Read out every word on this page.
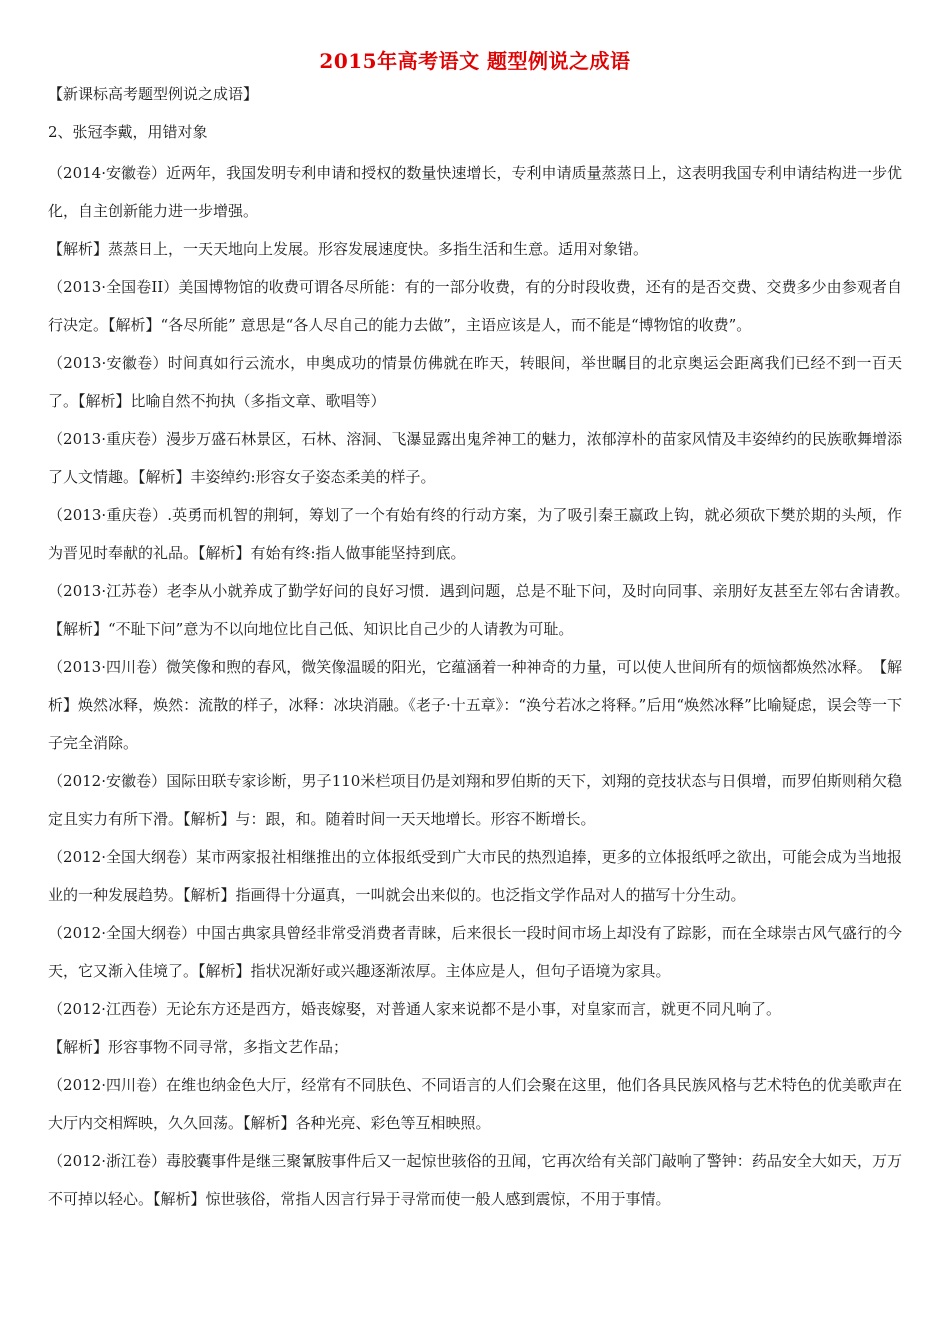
2015年高考语文 题型例说之成语
【新课标高考题型例说之成语】
2、张冠李戴，用错对象

（2014·安徽卷）近两年，我国发明专利申请和授权的数量快速增长，专利申请质量蒸蒸日上，这表明我国专利申请结构进一步优化，自主创新能力进一步增强。

【解析】蒸蒸日上，一天天地向上发展。形容发展速度快。多指生活和生意。适用对象错。

（2013·全国卷II）美国博物馆的收费可谓各尽所能：有的一部分收费，有的分时段收费，还有的是否交费、交费多少由参观者自行决定。【解析】“各尽所能” 意思是“各人尽自己的能力去做”，主语应该是人，而不能是“博物馆的收费”。

（2013·安徽卷）时间真如行云流水，申奥成功的情景仿佛就在昨天，转眼间，举世瞩目的北京奥运会距离我们已经不到一百天了。【解析】比喻自然不拘执（多指文章、歌唱等）

（2013·重庆卷）漫步万盛石林景区，石林、溶洞、飞瀑显露出鬼斧神工的魅力，浓郁淳朴的苗家风情及丰姿绰约的民族歌舞增添了人文情趣。【解析】丰姿绰约:形容女子姿态柔美的样子。

（2013·重庆卷）.英勇而机智的荆轲，筹划了一个有始有终的行动方案，为了吸引秦王嬴政上钩，就必须砍下樊於期的头颅，作为晋见时奉献的礼品。【解析】有始有终:指人做事能坚持到底。

（2013·江苏卷）老李从小就养成了勤学好问的良好习惯．遇到问题，总是不耻下问，及时向同事、亲朋好友甚至左邻右舍请教。　【解析】“不耻下问”意为不以向地位比自己低、知识比自己少的人请教为可耻。

（2013·四川卷）微笑像和煦的春风，微笑像温暖的阳光，它蕴涵着一种神奇的力量，可以使人世间所有的烦恼都焕然冰释。　【解析】焕然冰释，焕然：流散的样子，冰释：冰块消融。《老子·十五章》：“涣兮若冰之将释。”后用“焕然冰释”比喻疑虑，误会等一下子完全消除。

（2012·安徽卷）国际田联专家诊断，男子110米栏项目仍是刘翔和罗伯斯的天下，刘翔的竞技状态与日俱增，而罗伯斯则稍欠稳定且实力有所下滑。【解析】与：跟，和。随着时间一天天地增长。形容不断增长。

（2012·全国大纲卷）某市两家报社相继推出的立体报纸受到广大市民的热烈追捧，更多的立体报纸呼之欲出，可能会成为当地报业的一种发展趋势。【解析】指画得十分逼真，一叫就会出来似的。也泛指文学作品对人的描写十分生动。

（2012·全国大纲卷）中国古典家具曾经非常受消费者青睐，后来很长一段时间市场上却没有了踪影，而在全球崇古风气盛行的今天，它又渐入佳境了。【解析】指状况渐好或兴趣逐渐浓厚。主体应是人，但句子语境为家具。

（2012·江西卷）无论东方还是西方，婚丧嫁娶，对普通人家来说都不是小事，对皇家而言，就更不同凡响了。

【解析】形容事物不同寻常，多指文艺作品；

（2012·四川卷）在维也纳金色大厅，经常有不同肤色、不同语言的人们会聚在这里，他们各具民族风格与艺术特色的优美歌声在大厅内交相辉映，久久回荡。【解析】各种光亮、彩色等互相映照。

（2012·浙江卷）毒胶囊事件是继三聚氰胺事件后又一起惊世骇俗的丑闻，它再次给有关部门敲响了警钟：药品安全大如天，万万不可掉以轻心。【解析】惊世骇俗，常指人因言行异于寻常而使一般人感到震惊，不用于事情。
